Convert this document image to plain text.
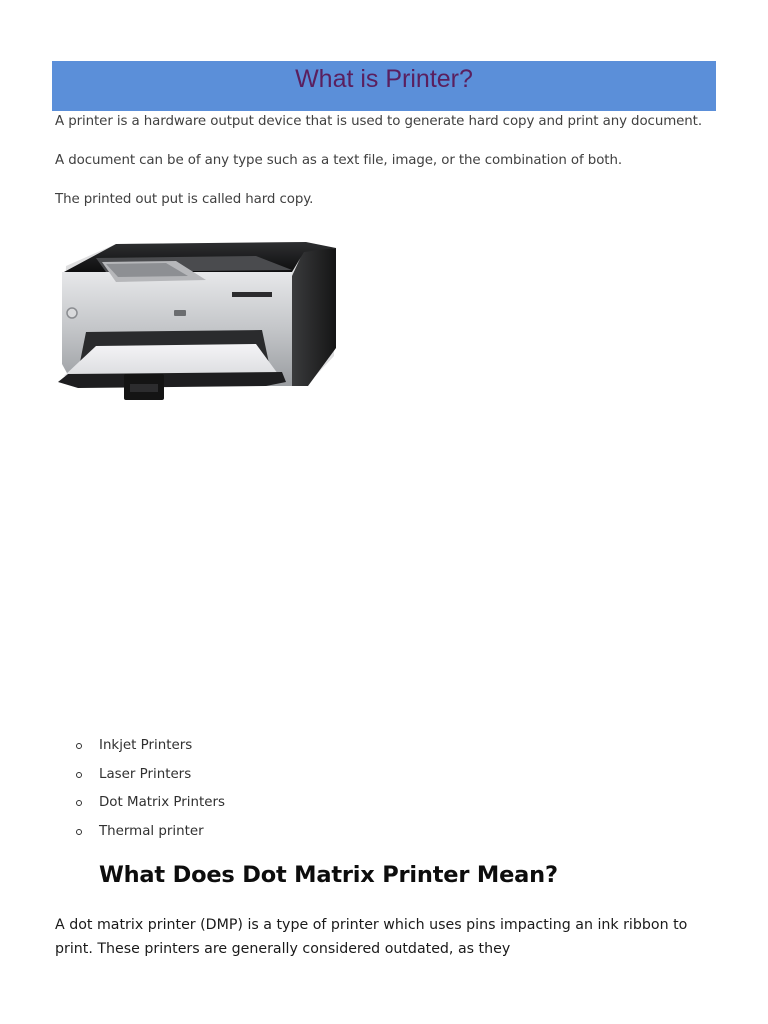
What is Printer?
A printer is a hardware output device that is used to generate hard copy and print any document.
A document can be of any type such as a text file, image, or the combination of both.
The printed out put is called hard copy.
Inkjet Printers
Laser Printers
Dot Matrix Printers
Thermal printer
What Does Dot Matrix Printer Mean?
A dot matrix printer (DMP) is a type of printer which uses pins impacting an ink ribbon to print. These printers are generally considered outdated, as they
